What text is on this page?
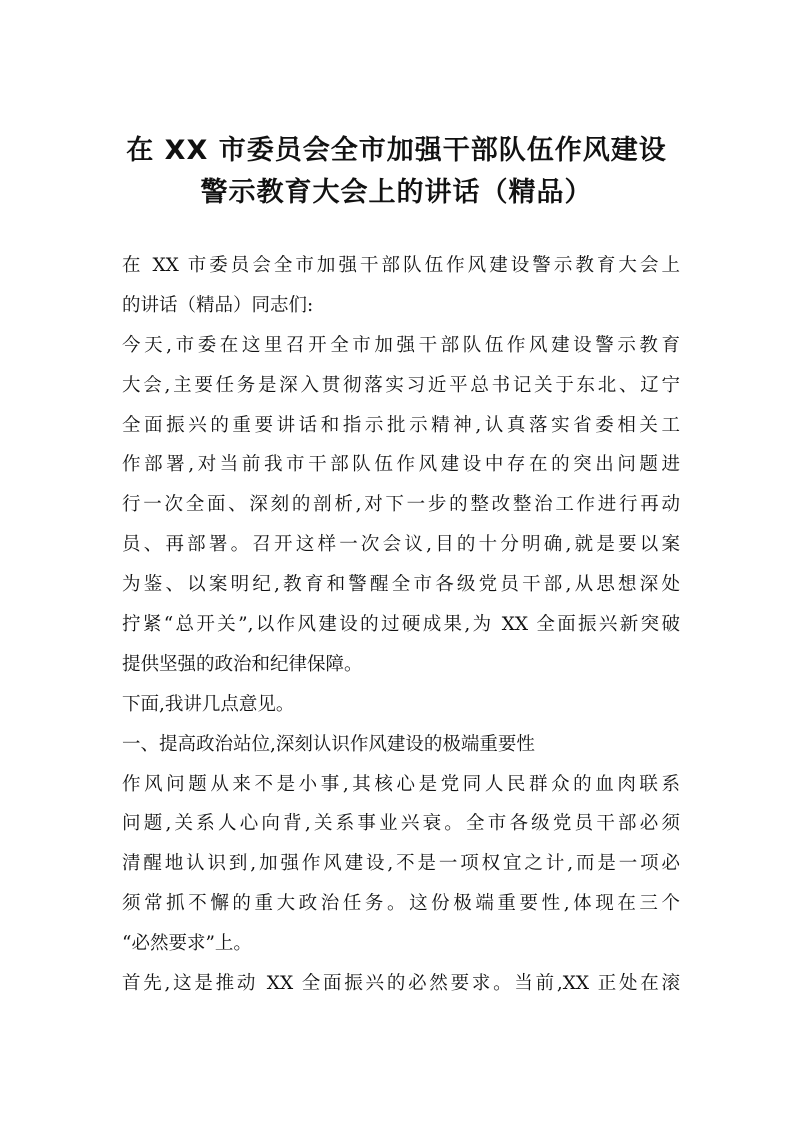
在 XX 市委员会全市加强干部队伍作风建设
警示教育大会上的讲话（精品）
在 XX 市委员会全市加强干部队伍作风建设警示教育大会上
的讲话（精品）同志们:
今天,市委在这里召开全市加强干部队伍作风建设警示教育
大会,主要任务是深入贯彻落实习近平总书记关于东北、辽宁
全面振兴的重要讲话和指示批示精神,认真落实省委相关工
作部署,对当前我市干部队伍作风建设中存在的突出问题进
行一次全面、深刻的剖析,对下一步的整改整治工作进行再动
员、再部署。召开这样一次会议,目的十分明确,就是要以案
为鉴、以案明纪,教育和警醒全市各级党员干部,从思想深处
拧紧“总开关”,以作风建设的过硬成果,为 XX 全面振兴新突破
提供坚强的政治和纪律保障。
下面,我讲几点意见。
一、提高政治站位,深刻认识作风建设的极端重要性
作风问题从来不是小事,其核心是党同人民群众的血肉联系
问题,关系人心向背,关系事业兴衰。全市各级党员干部必须
清醒地认识到,加强作风建设,不是一项权宜之计,而是一项必
须常抓不懈的重大政治任务。这份极端重要性,体现在三个
“必然要求”上。
首先,这是推动 XX 全面振兴的必然要求。当前,XX 正处在滚
